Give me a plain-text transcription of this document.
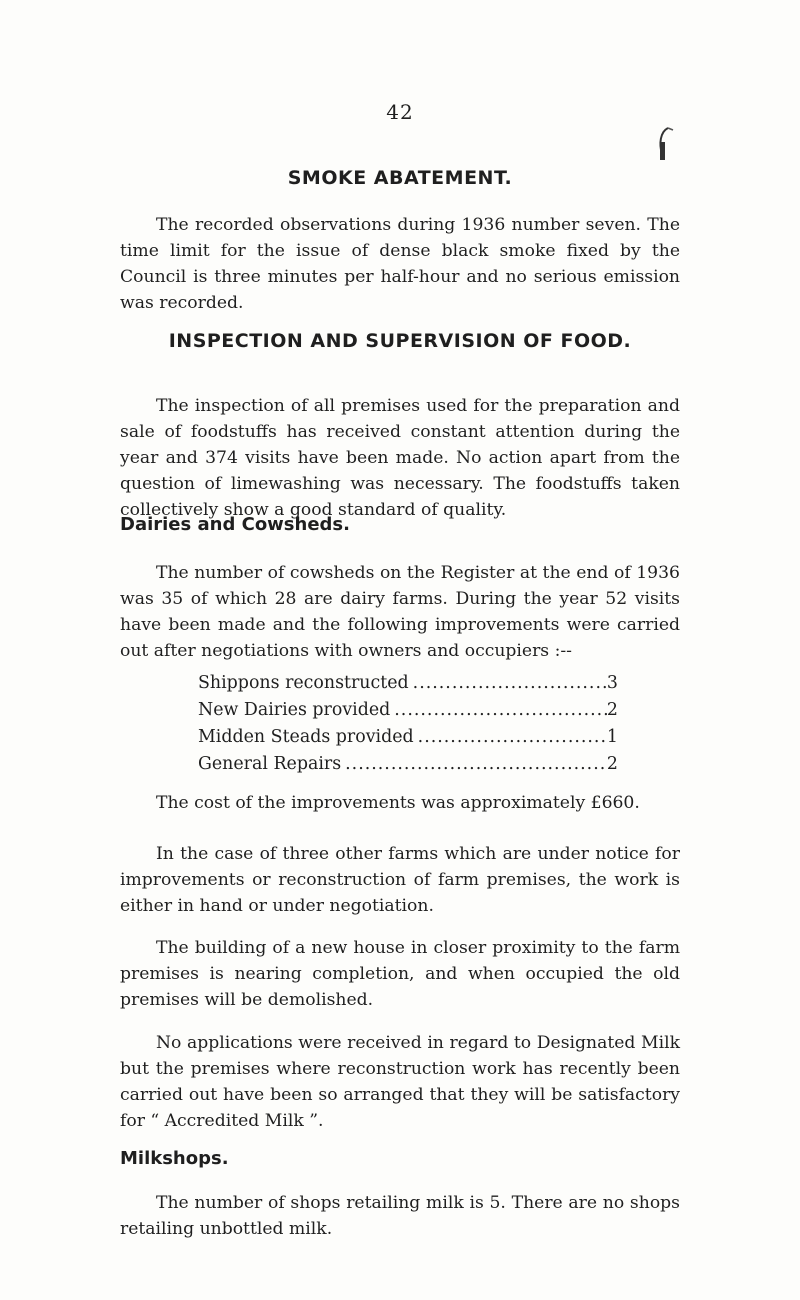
42
SMOKE ABATEMENT.

The recorded observations during 1936 number seven. The time limit for the issue of dense black smoke fixed by the Council is three minutes per half-hour and no serious emission was recorded.

INSPECTION AND SUPERVISION OF FOOD.

The inspection of all premises used for the preparation and sale of foodstuffs has received constant attention during the year and 374 visits have been made. No action apart from the question of limewashing was necessary. The foodstuffs taken collectively show a good standard of quality.

Dairies and Cowsheds.

The number of cowsheds on the Register at the end of 1936 was 35 of which 28 are dairy farms. During the year 52 visits have been made and the following improvements were carried out after negotiations with owners and occupiers :--

Shippons reconstructed .....	3
New Dairies provided .....	2
Midden Steads provided .....	1
General Repairs .....	2

The cost of the improvements was approximately £660.

In the case of three other farms which are under notice for improvements or reconstruction of farm premises, the work is either in hand or under negotiation.

The building of a new house in closer proximity to the farm premises is nearing completion, and when occupied the old premises will be demolished.

No applications were received in regard to Designated Milk but the premises where reconstruction work has recently been carried out have been so arranged that they will be satisfactory for “ Accredited Milk ”.

Milkshops.

The number of shops retailing milk is 5. There are no shops retailing unbottled milk.
